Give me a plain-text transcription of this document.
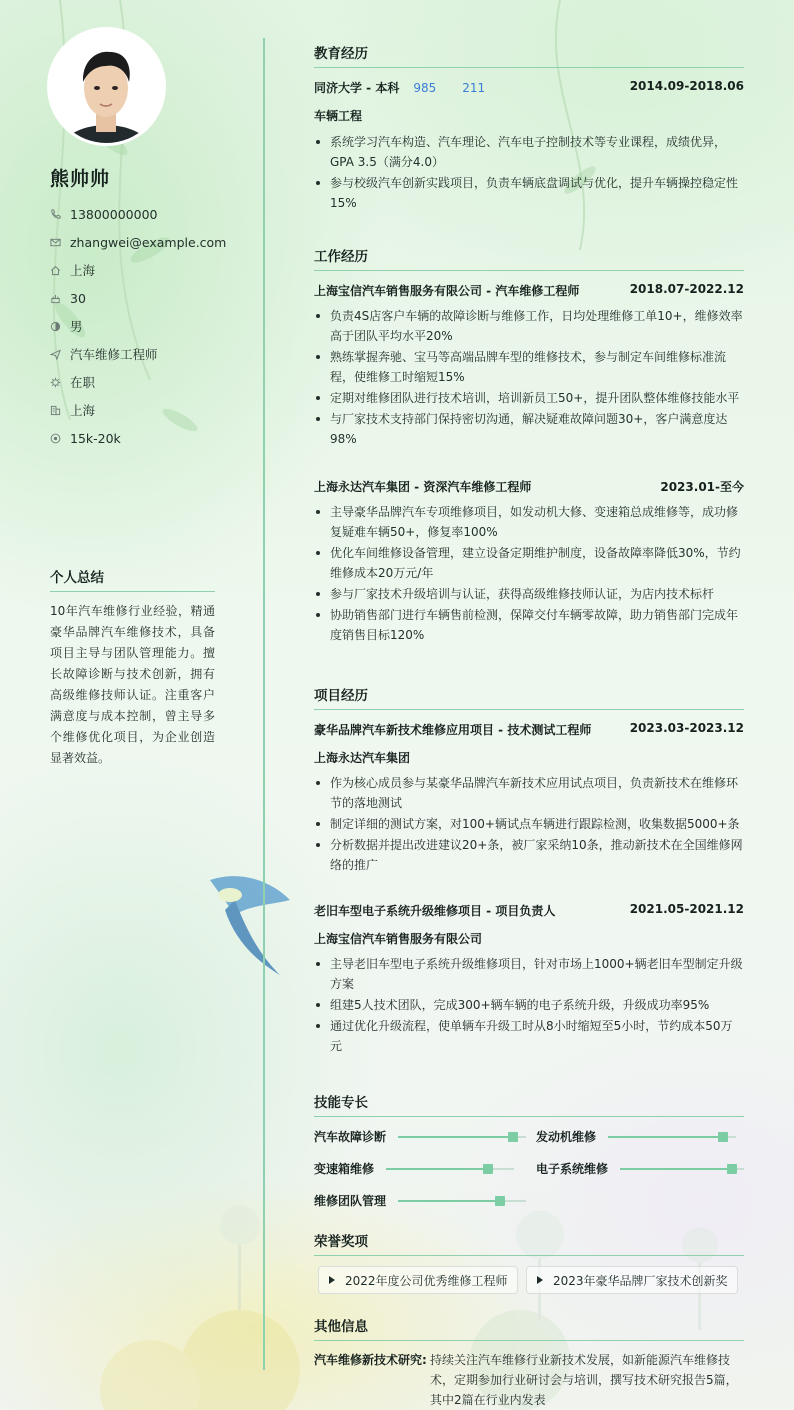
熊帅帅
13800000000
zhangwei@example.com
上海
30
男
汽车维修工程师
在职
上海
15k-20k
个人总结
10年汽车维修行业经验，精通豪华品牌汽车维修技术，具备项目主导与团队管理能力。擅长故障诊断与技术创新，拥有高级维修技师认证。注重客户满意度与成本控制，曾主导多个维修优化项目，为企业创造显著效益。
教育经历
同济大学 - 本科 985 211	2014.09-2018.06
车辆工程
系统学习汽车构造、汽车理论、汽车电子控制技术等专业课程，成绩优异，GPA 3.5（满分4.0）
参与校级汽车创新实践项目，负责车辆底盘调试与优化，提升车辆操控稳定性15%
工作经历
上海宝信汽车销售服务有限公司 - 汽车维修工程师	2018.07-2022.12
负责4S店客户车辆的故障诊断与维修工作，日均处理维修工单10+，维修效率高于团队平均水平20%
熟练掌握奔驰、宝马等高端品牌车型的维修技术，参与制定车间维修标准流程，使维修工时缩短15%
定期对维修团队进行技术培训，培训新员工50+，提升团队整体维修技能水平
与厂家技术支持部门保持密切沟通，解决疑难故障问题30+，客户满意度达98%
上海永达汽车集团 - 资深汽车维修工程师	2023.01-至今
主导豪华品牌汽车专项维修项目，如发动机大修、变速箱总成维修等，成功修复疑难车辆50+，修复率100%
优化车间维修设备管理，建立设备定期维护制度，设备故障率降低30%，节约维修成本20万元/年
参与厂家技术升级培训与认证，获得高级维修技师认证，为店内技术标杆
协助销售部门进行车辆售前检测，保障交付车辆零故障，助力销售部门完成年度销售目标120%
项目经历
豪华品牌汽车新技术维修应用项目 - 技术测试工程师	2023.03-2023.12
上海永达汽车集团
作为核心成员参与某豪华品牌汽车新技术应用试点项目，负责新技术在维修环节的落地测试
制定详细的测试方案，对100+辆试点车辆进行跟踪检测，收集数据5000+条
分析数据并提出改进建议20+条，被厂家采纳10条，推动新技术在全国维修网络的推广
老旧车型电子系统升级维修项目 - 项目负责人	2021.05-2021.12
上海宝信汽车销售服务有限公司
主导老旧车型电子系统升级维修项目，针对市场上1000+辆老旧车型制定升级方案
组建5人技术团队，完成300+辆车辆的电子系统升级，升级成功率95%
通过优化升级流程，使单辆车升级工时从8小时缩短至5小时，节约成本50万元
技能专长
汽车故障诊断	发动机维修
变速箱维修	电子系统维修
维修团队管理
荣誉奖项
2022年度公司优秀维修工程师	2023年豪华品牌厂家技术创新奖
其他信息
汽车维修新技术研究: 持续关注汽车维修行业新技术发展，如新能源汽车维修技术，定期参加行业研讨会与培训，撰写技术研究报告5篇，其中2篇在行业内发表
